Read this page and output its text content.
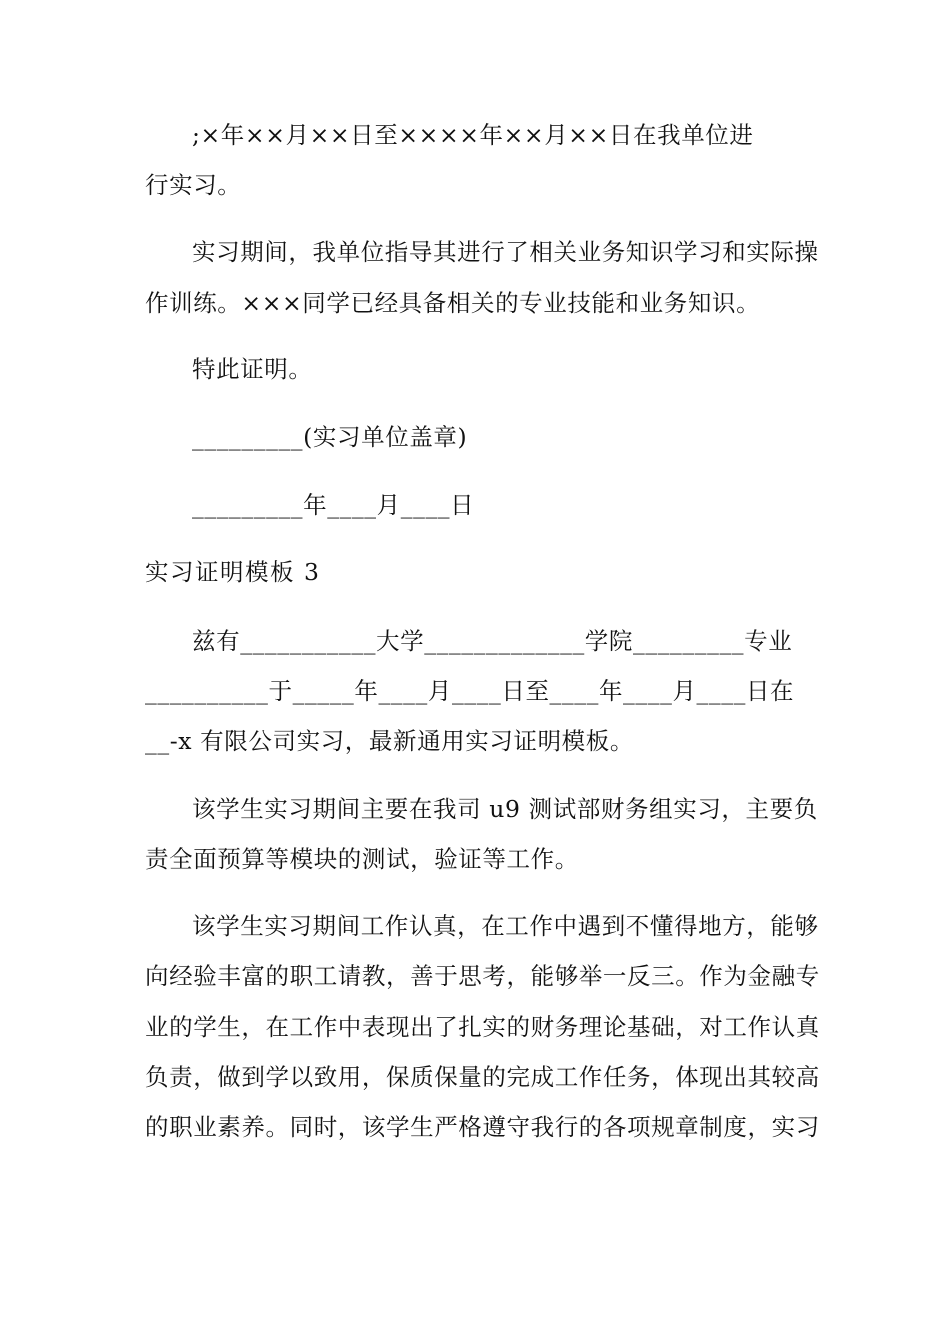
;×年××月××日至××××年××月××日在我单位进
行实习。
实习期间，我单位指导其进行了相关业务知识学习和实际操
作训练。×××同学已经具备相关的专业技能和业务知识。
特此证明。
_________(实习单位盖章)
_________年____月____日
实习证明模板 3
兹有___________大学_____________学院_________专业
__________于_____年____月____日至____年____月____日在
__-x 有限公司实习，最新通用实习证明模板。
该学生实习期间主要在我司 u9 测试部财务组实习，主要负
责全面预算等模块的测试，验证等工作。
该学生实习期间工作认真，在工作中遇到不懂得地方，能够
向经验丰富的职工请教，善于思考，能够举一反三。作为金融专
业的学生，在工作中表现出了扎实的财务理论基础，对工作认真
负责，做到学以致用，保质保量的完成工作任务，体现出其较高
的职业素养。同时，该学生严格遵守我行的各项规章制度，实习
